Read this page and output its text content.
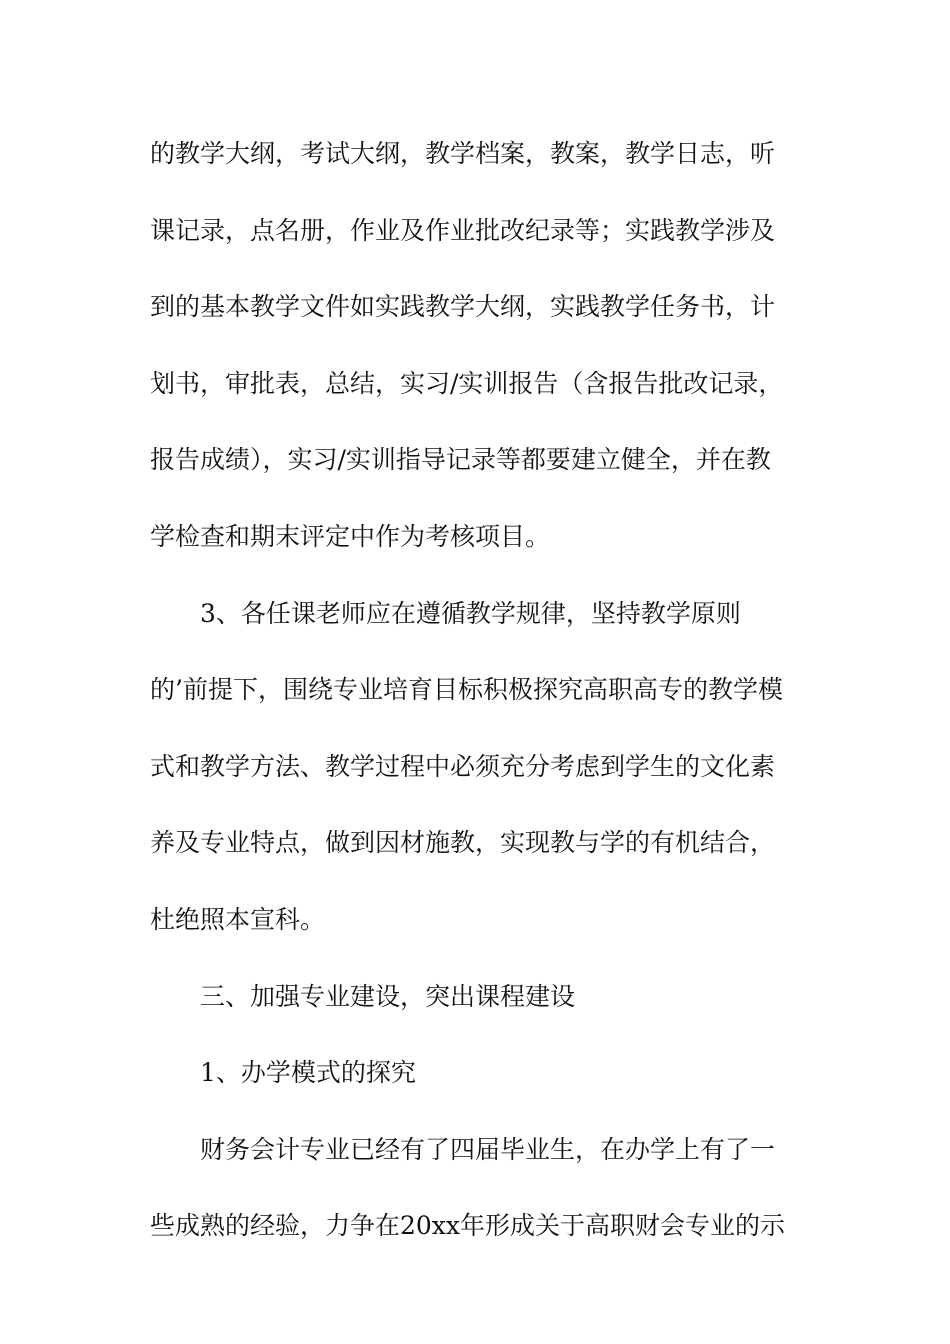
的教学大纲，考试大纲，教学档案，教案，教学日志，听
课记录，点名册，作业及作业批改纪录等；实践教学涉及
到的基本教学文件如实践教学大纲，实践教学任务书，计
划书，审批表，总结，实习/实训报告（含报告批改记录，
报告成绩），实习/实训指导记录等都要建立健全，并在教
学检查和期末评定中作为考核项目。
3、各任课老师应在遵循教学规律，坚持教学原则
的’前提下，围绕专业培育目标积极探究高职高专的教学模
式和教学方法、教学过程中必须充分考虑到学生的文化素
养及专业特点，做到因材施教，实现教与学的有机结合，
杜绝照本宣科。
三、加强专业建设，突出课程建设
1、办学模式的探究
财务会计专业已经有了四届毕业生，在办学上有了一
些成熟的经验，力争在20xx年形成关于高职财会专业的示
